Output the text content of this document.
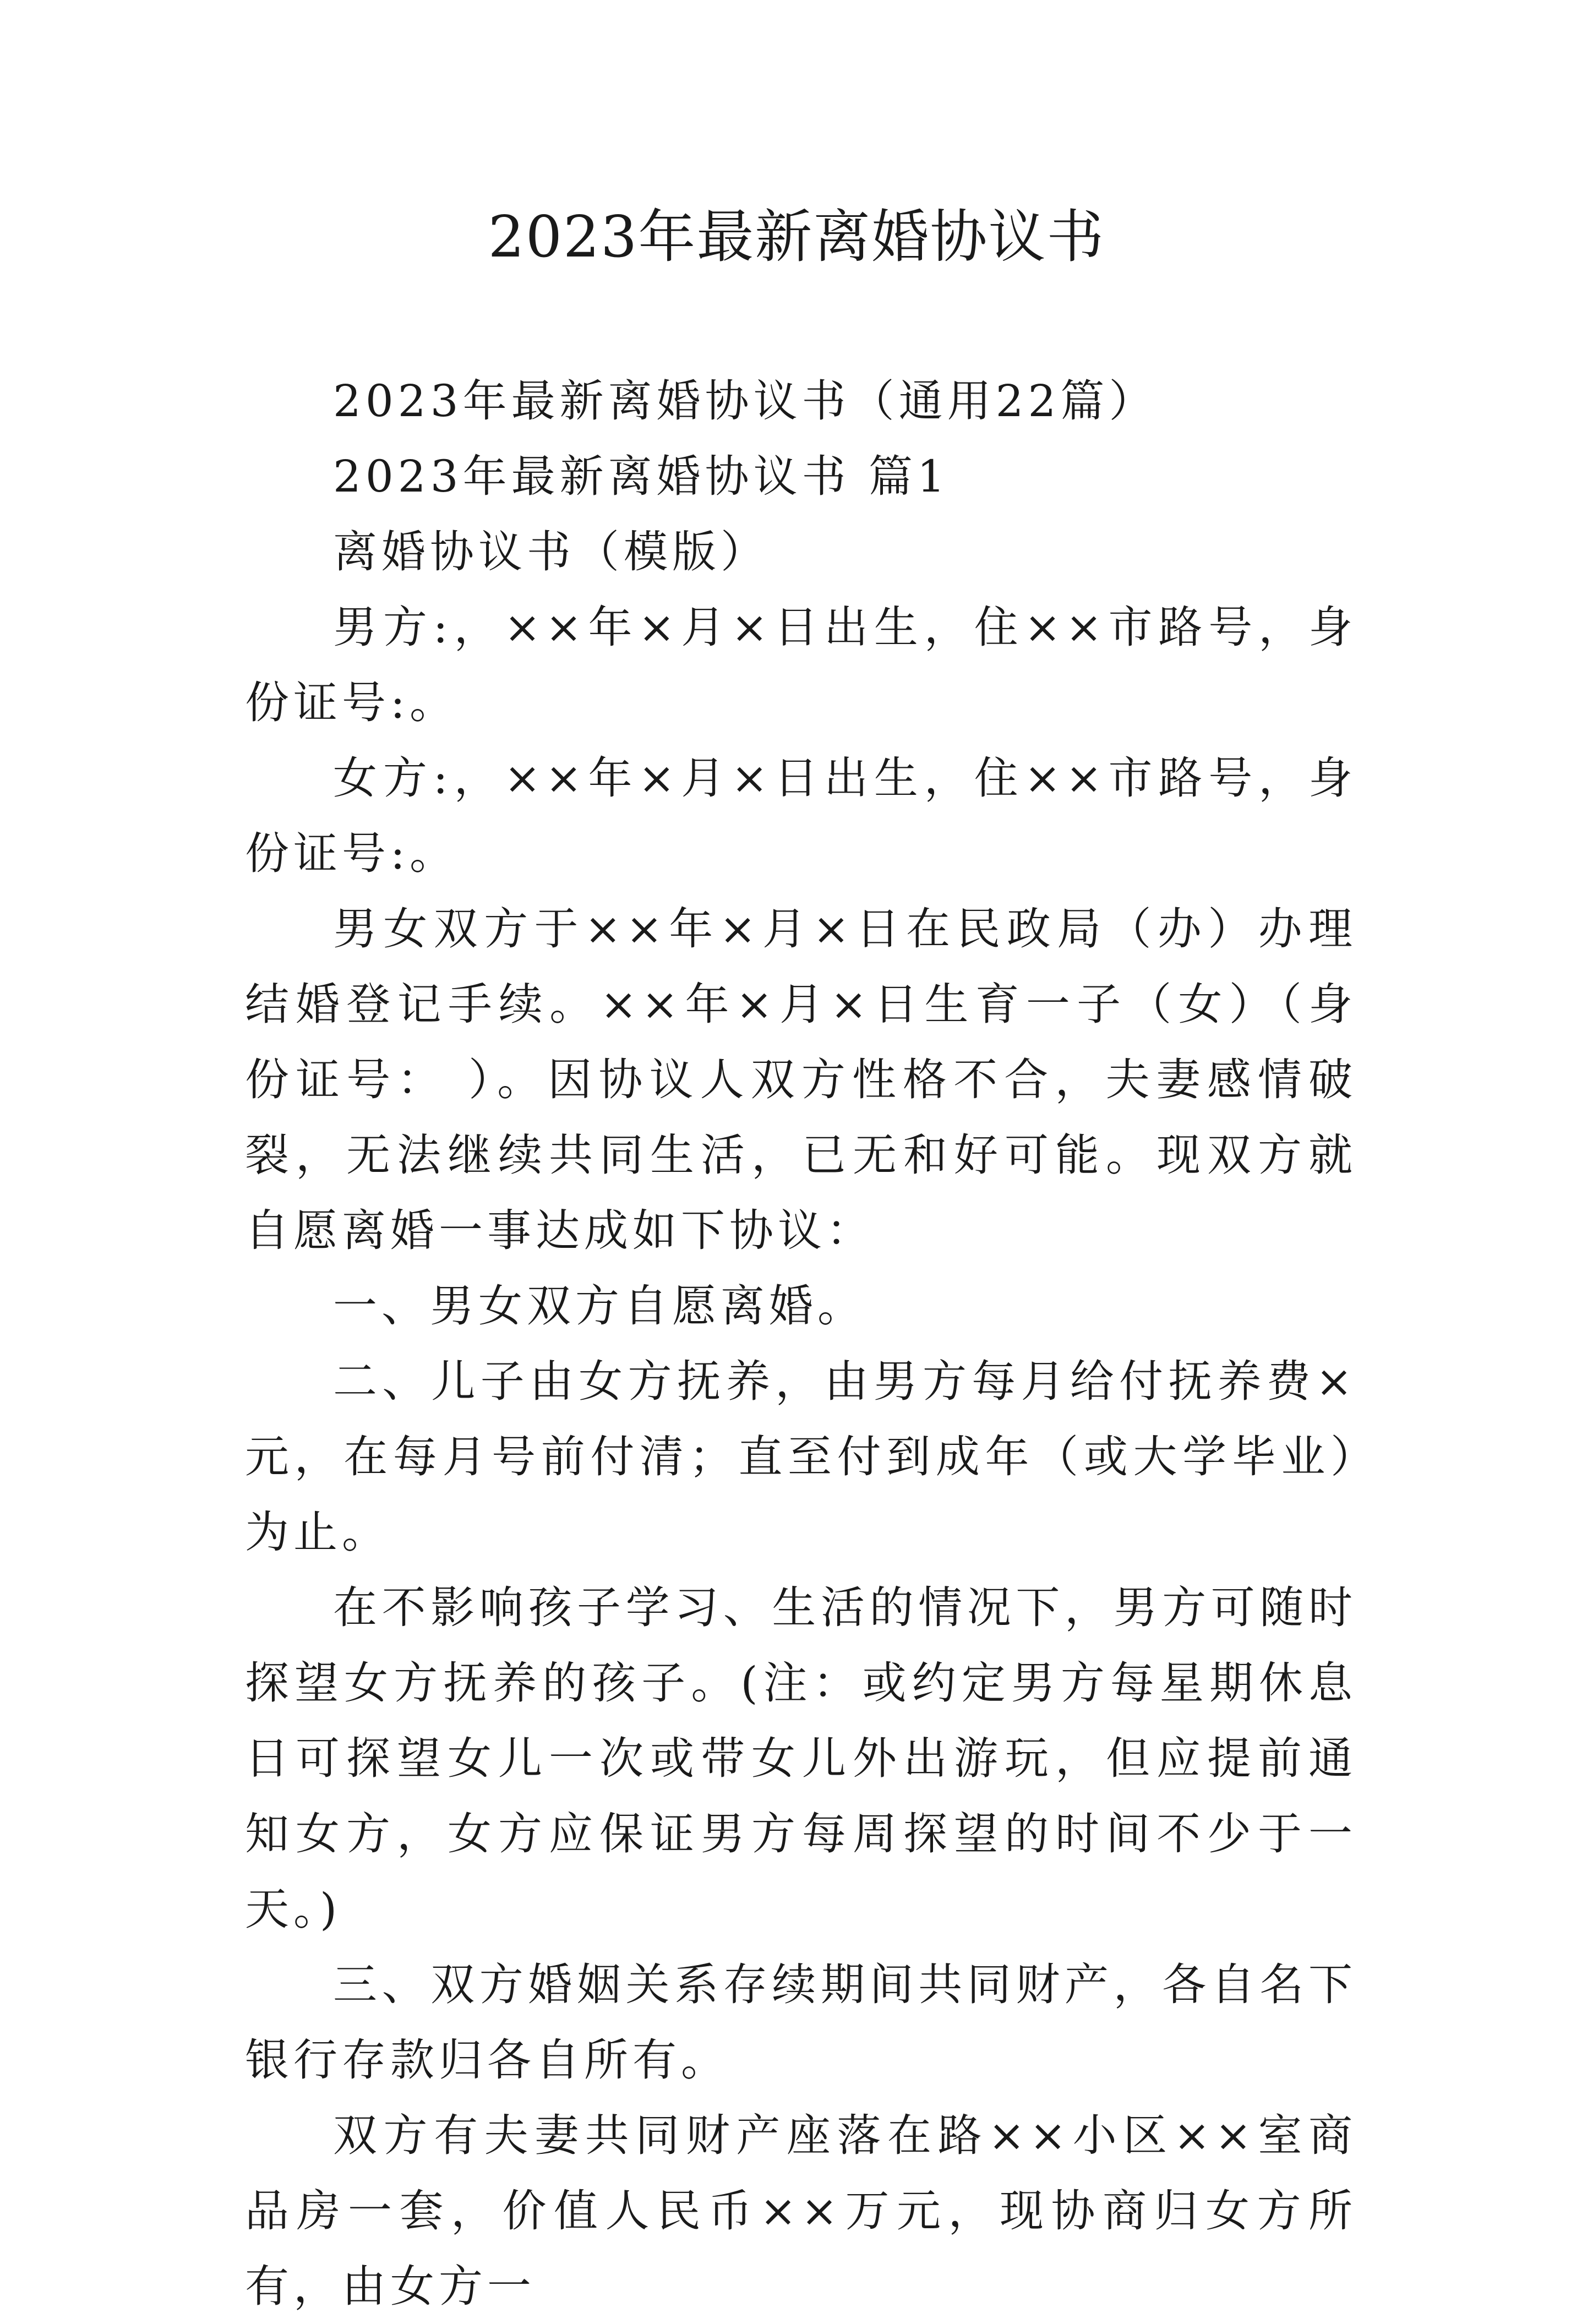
2023年最新离婚协议书

2023年最新离婚协议书（通用22篇）

2023年最新离婚协议书 篇1

离婚协议书（模版）

男方:，××年×月×日出生，住××市路号，身份证号:。

女方:，××年×月×日出生，住××市路号，身份证号:。

男女双方于××年×月×日在民政局（办）办理结婚登记手续。××年×月×日生育一子（女）（身份证号： ）。因协议人双方性格不合，夫妻感情破裂，无法继续共同生活，已无和好可能。现双方就自愿离婚一事达成如下协议：

一、男女双方自愿离婚。

二、儿子由女方抚养，由男方每月给付抚养费×元，在每月号前付清；直至付到成年（或大学毕业）为止。

在不影响孩子学习、生活的情况下，男方可随时探望女方抚养的孩子。(注：或约定男方每星期休息日可探望女儿一次或带女儿外出游玩，但应提前通知女方，女方应保证男方每周探望的时间不少于一天。)

三、双方婚姻关系存续期间共同财产，各自名下银行存款归各自所有。

双方有夫妻共同财产座落在路××小区××室商品房一套，价值人民币××万元，现协商归女方所有，由女方一
